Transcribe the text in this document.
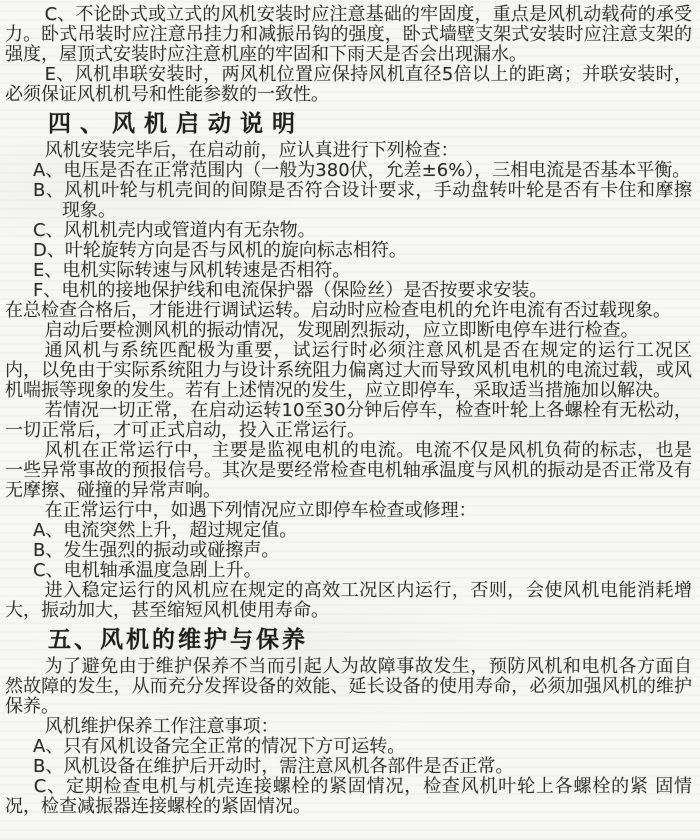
C、不论卧式或立式的风机安装时应注意基础的牢固度，重点是风机动载荷的承受力。卧式吊装时应注意吊挂力和减振吊钩的强度，卧式墙壁支架式安装时应注意支架的强度，屋顶式安装时应注意机座的牢固和下雨天是否会出现漏水。

E、风机串联安装时，两风机位置应保持风机直径5倍以上的距离；并联安装时，必须保证风机机号和性能参数的一致性。

四、风机启动说明

风机安装完毕后，在启动前，应认真进行下列检查：

A、电压是否在正常范围内（一般为380伏，允差±6%），三相电流是否基本平衡。
B、风机叶轮与机壳间的间隙是否符合设计要求，手动盘转叶轮是否有卡住和摩擦现象。
C、风机机壳内或管道内有无杂物。
D、叶轮旋转方向是否与风机的旋向标志相符。
E、电机实际转速与风机转速是否相符。
F、电机的接地保护线和电流保护器（保险丝）是否按要求安装。

在总检查合格后，才能进行调试运转。启动时应检查电机的允许电流有否过载现象。

启动后要检测风机的振动情况，发现剧烈振动，应立即断电停车进行检查。

通风机与系统匹配极为重要，试运行时必须注意风机是否在规定的运行工况区内，以免由于实际系统阻力与设计系统阻力偏离过大而导致风机电机的电流过载，或风机喘振等现象的发生。若有上述情况的发生，应立即停车，采取适当措施加以解决。

若情况一切正常，在启动运转10至30分钟后停车，检查叶轮上各螺栓有无松动，一切正常后，才可正式启动，投入正常运行。

风机在正常运行中，主要是监视电机的电流。电流不仅是风机负荷的标志，也是一些异常事故的预报信号。其次是要经常检查电机轴承温度与风机的振动是否正常及有无摩擦、碰撞的异常声响。

在正常运行中，如遇下列情况应立即停车检查或修理：

A、电流突然上升，超过规定值。
B、发生强烈的振动或碰擦声。
C、电机轴承温度急剧上升。

进入稳定运行的风机应在规定的高效工况区内运行，否则，会使风机电能消耗增大，振动加大，甚至缩短风机使用寿命。

五、风机的维护与保养

为了避免由于维护保养不当而引起人为故障事故发生，预防风机和电机各方面自然故障的发生，从而充分发挥设备的效能、延长设备的使用寿命，必须加强风机的维护保养。

风机维护保养工作注意事项：

A、只有风机设备完全正常的情况下方可运转。
B、风机设备在维护后开动时，需注意风机各部件是否正常。

C、定期检查电机与机壳连接螺栓的紧固情况，检查风机叶轮上各螺栓的紧 固情况，检查减振器连接螺栓的紧固情况。
